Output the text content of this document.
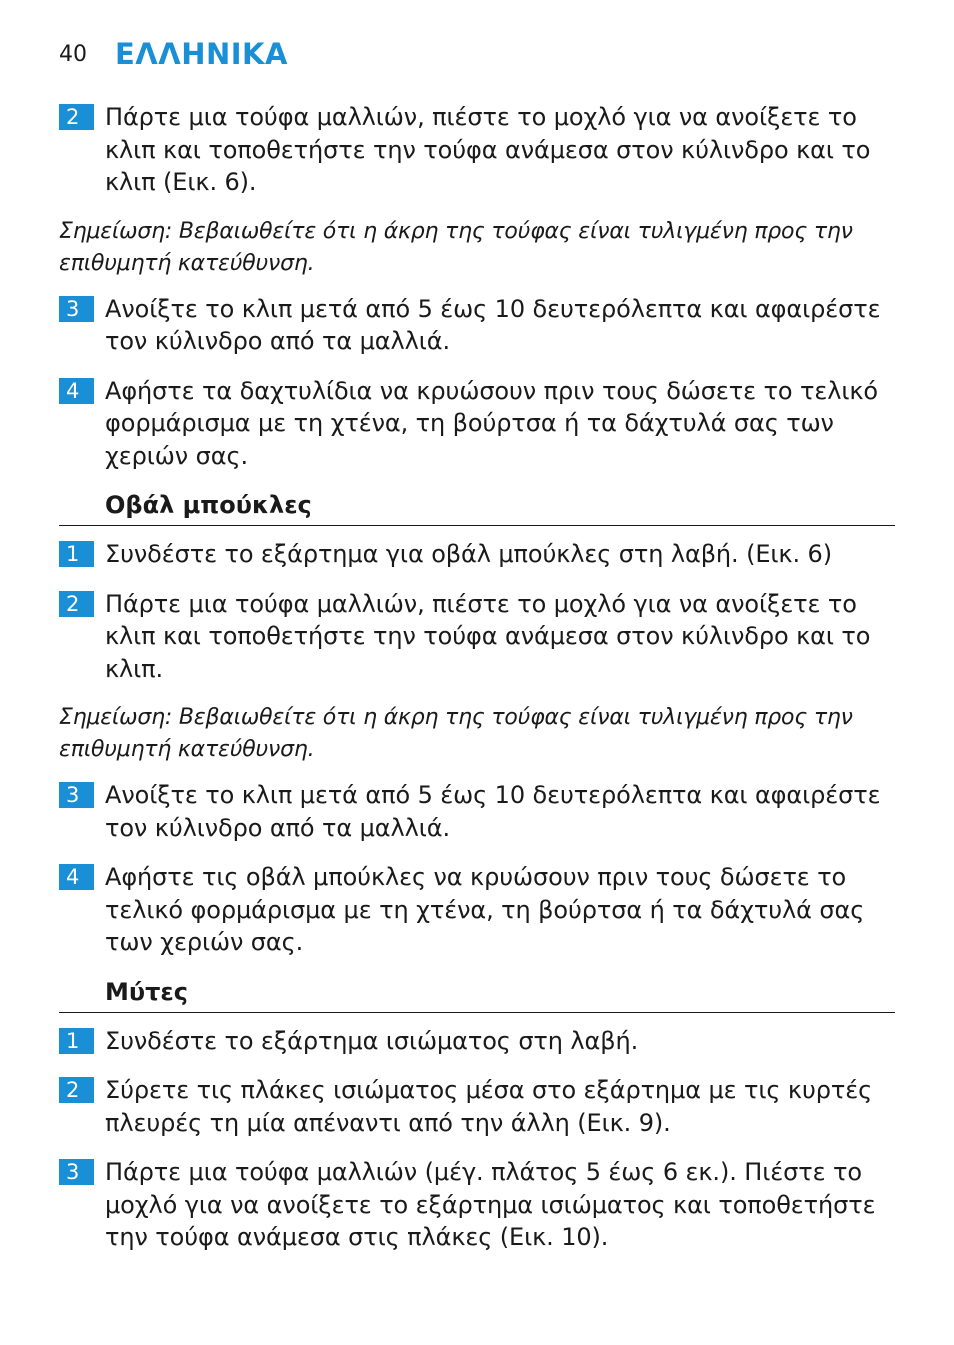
40 ΕΛΛΗΝΙΚΑ
2	Πάρτε μια τούφα μαλλιών, πιέστε το μοχλό για να ανοίξετε το κλιπ και τοποθετήστε την τούφα ανάμεσα στον κύλινδρο και το κλιπ (Εικ. 6).
Σημείωση: Βεβαιωθείτε ότι η άκρη της τούφας είναι τυλιγμένη προς την επιθυμητή κατεύθυνση.
3	Ανοίξτε το κλιπ μετά από 5 έως 10 δευτερόλεπτα και αφαιρέστε τον κύλινδρο από τα μαλλιά.
4	Αφήστε τα δαχτυλίδια να κρυώσουν πριν τους δώσετε το τελικό φορμάρισμα με τη χτένα, τη βούρτσα ή τα δάχτυλά σας των χεριών σας.
Οβάλ μπούκλες
1	Συνδέστε το εξάρτημα για οβάλ μπούκλες στη λαβή. (Εικ. 6)
2	Πάρτε μια τούφα μαλλιών, πιέστε το μοχλό για να ανοίξετε το κλιπ και τοποθετήστε την τούφα ανάμεσα στον κύλινδρο και το κλιπ.
Σημείωση: Βεβαιωθείτε ότι η άκρη της τούφας είναι τυλιγμένη προς την επιθυμητή κατεύθυνση.
3	Ανοίξτε το κλιπ μετά από 5 έως 10 δευτερόλεπτα και αφαιρέστε τον κύλινδρο από τα μαλλιά.
4	Αφήστε τις οβάλ μπούκλες να κρυώσουν πριν τους δώσετε το τελικό φορμάρισμα με τη χτένα, τη βούρτσα ή τα δάχτυλά σας των χεριών σας.
Μύτες
1	Συνδέστε το εξάρτημα ισιώματος στη λαβή.
2	Σύρετε τις πλάκες ισιώματος μέσα στο εξάρτημα με τις κυρτές πλευρές τη μία απέναντι από την άλλη (Εικ. 9).
3	Πάρτε μια τούφα μαλλιών (μέγ. πλάτος 5 έως 6 εκ.). Πιέστε το μοχλό για να ανοίξετε το εξάρτημα ισιώματος και τοποθετήστε την τούφα ανάμεσα στις πλάκες (Εικ. 10).
